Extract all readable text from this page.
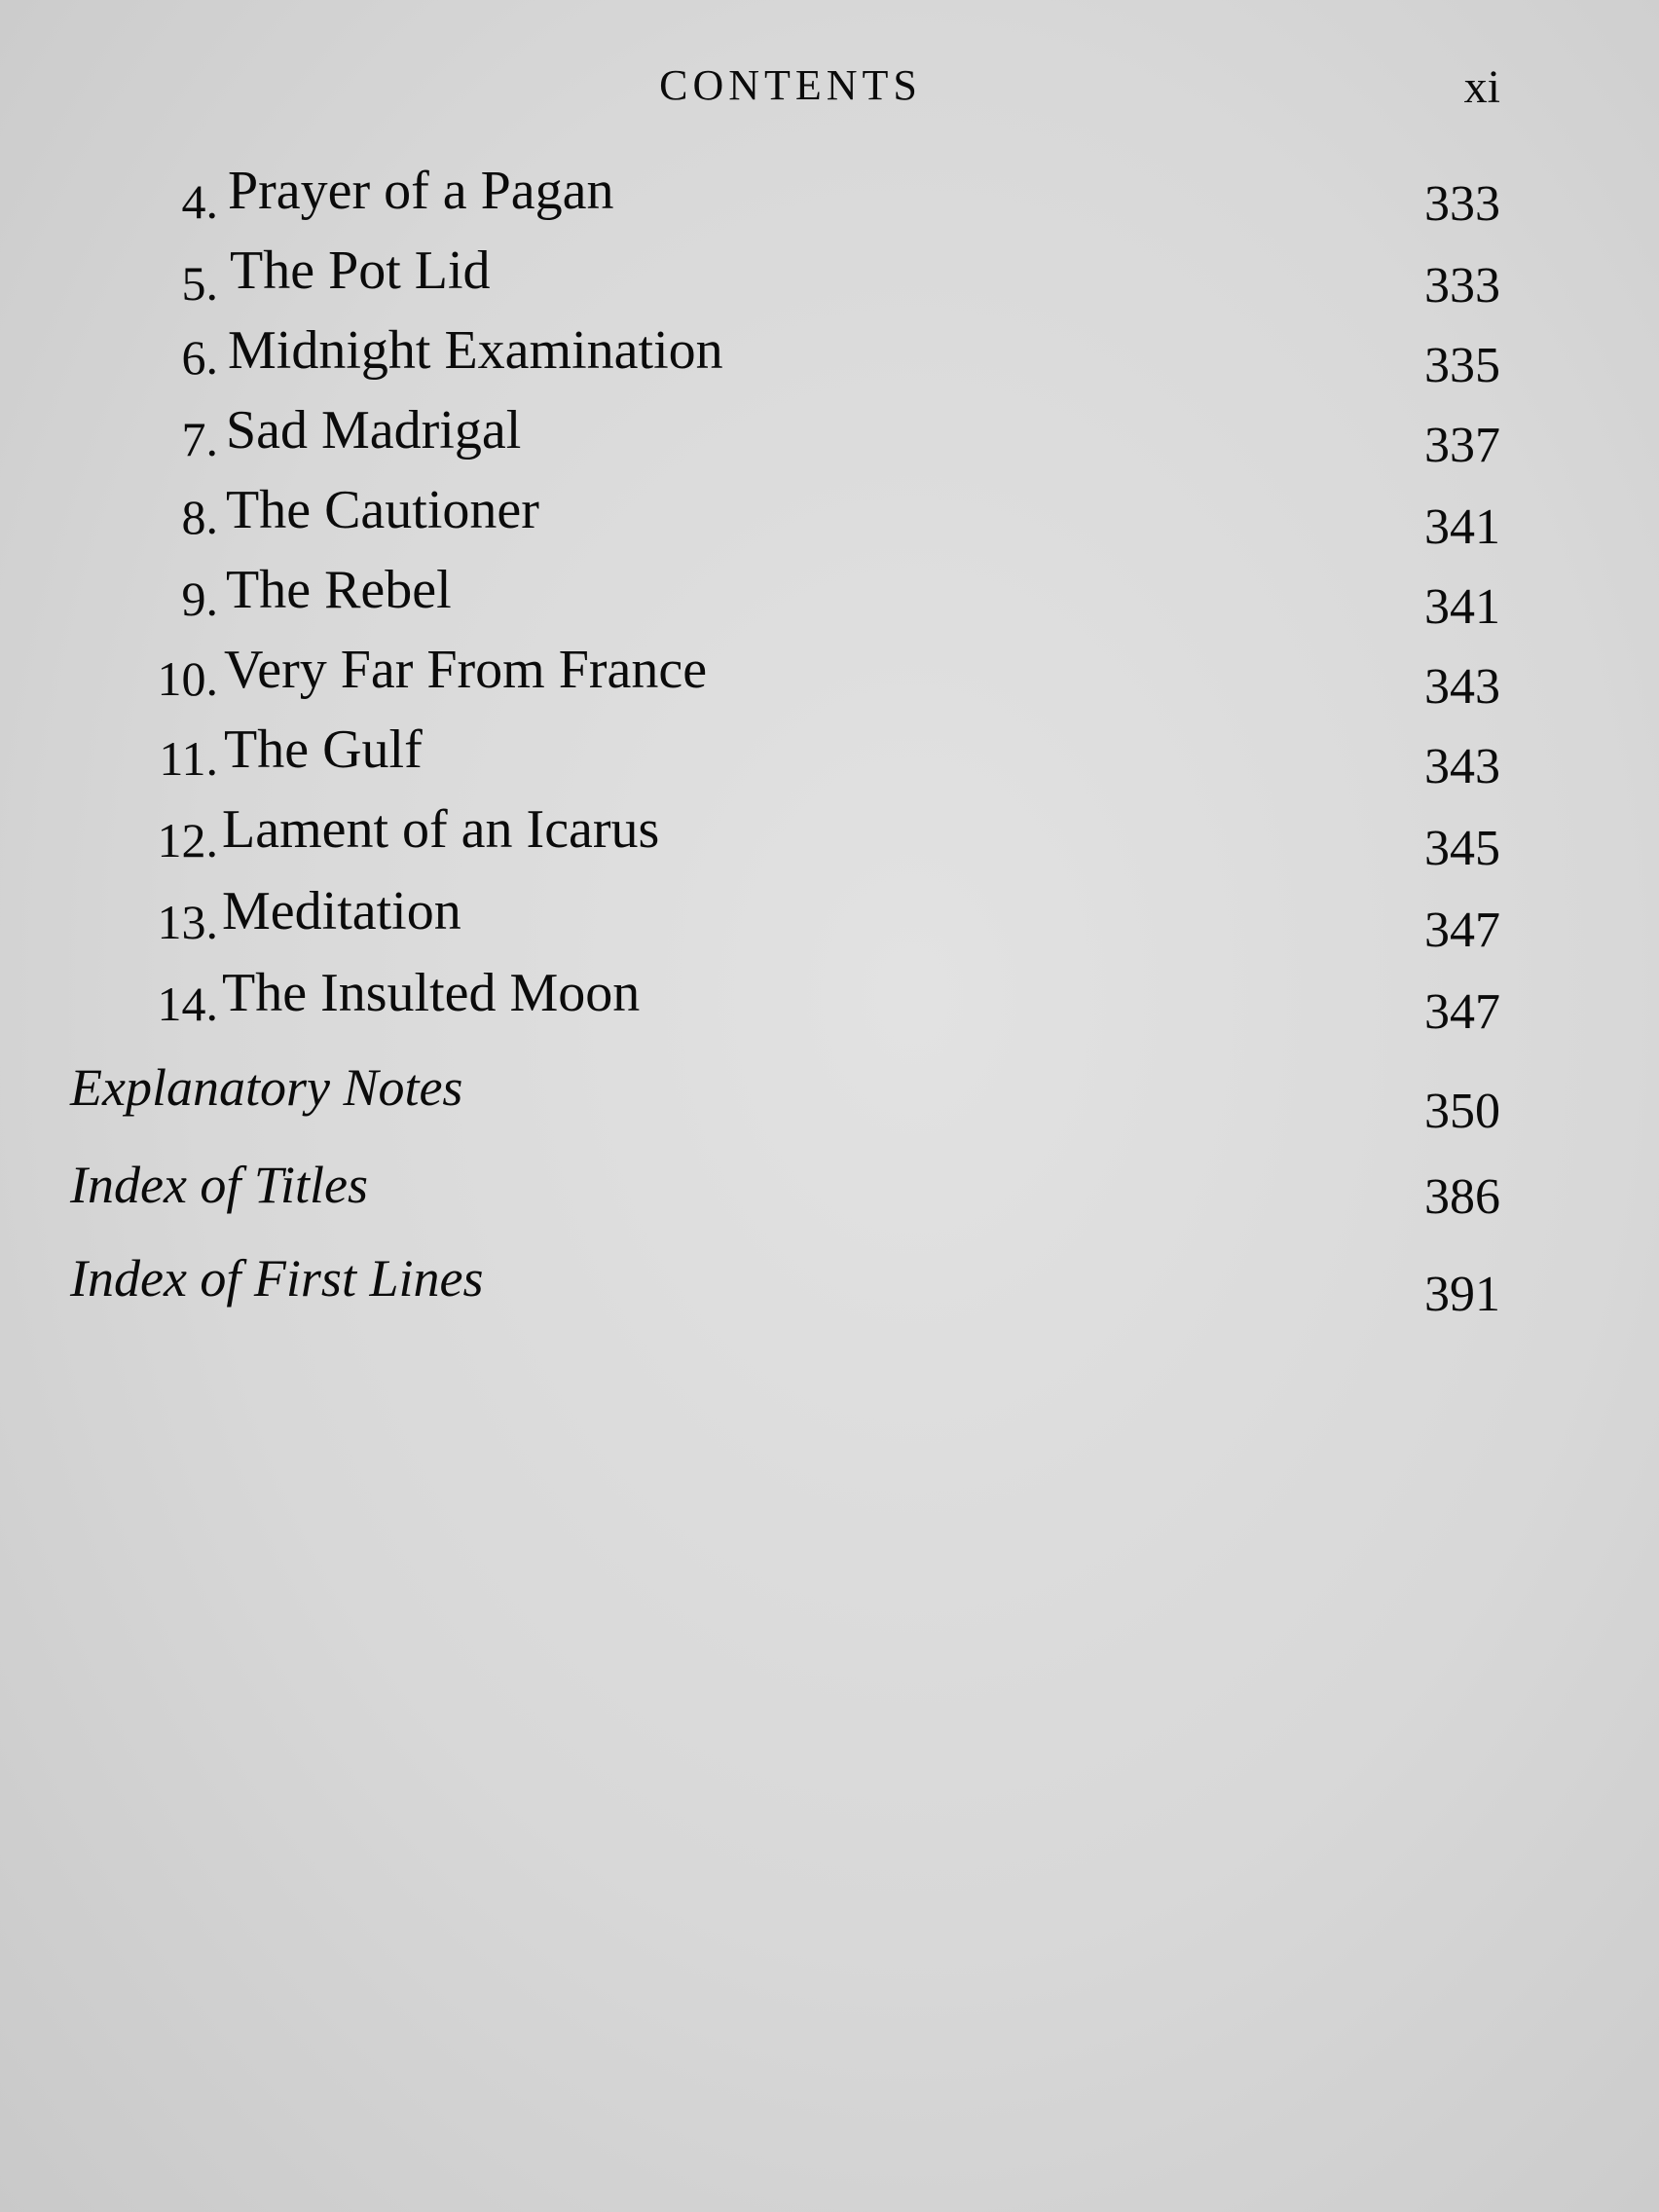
CONTENTS	xi
4. Prayer of a Pagan	333
5. The Pot Lid	333
6. Midnight Examination	335
7. Sad Madrigal	337
8. The Cautioner	341
9. The Rebel	341
10. Very Far From France	343
11. The Gulf	343
12. Lament of an Icarus	345
13. Meditation	347
14. The Insulted Moon	347
Explanatory Notes	350
Index of Titles	386
Index of First Lines	391
